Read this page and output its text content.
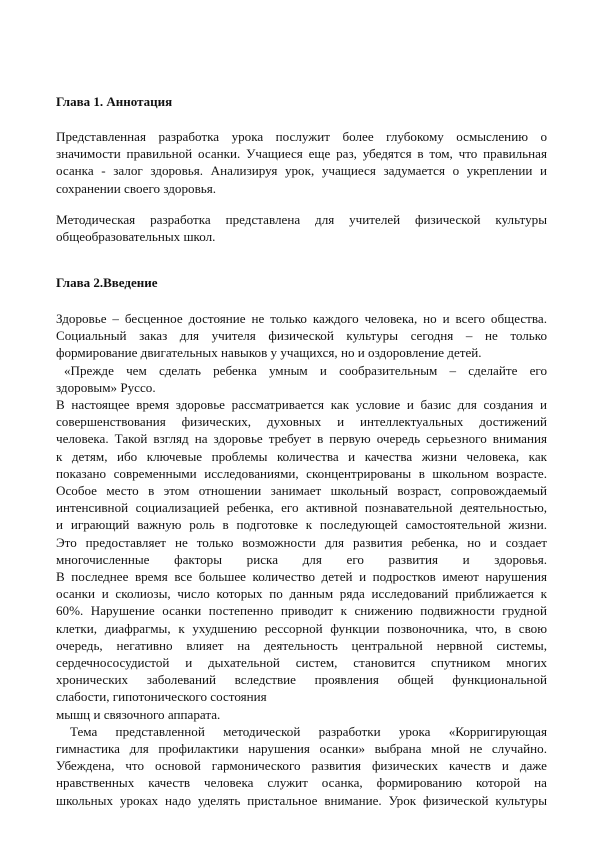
Глава 1. Аннотация
Представленная разработка урока послужит более глубокому осмыслению о
значимости правильной осанки. Учащиеся еще раз, убедятся в том, что правильная
осанка - залог здоровья. Анализируя урок, учащиеся задумается о укреплении и
сохранении своего здоровья.
Методическая разработка представлена для учителей физической культуры
общеобразовательных школ.
Глава 2.Введение
Здоровье – бесценное достояние не только каждого человека, но и всего общества.
Социальный заказ для учителя физической культуры сегодня – не только
формирование двигательных навыков у учащихся, но и оздоровление детей.
«Прежде чем сделать ребенка умным и сообразительным – сделайте его
здоровым» Руссо.
В настоящее время здоровье рассматривается как условие и базис для создания и
совершенствования физических, духовных и интеллектуальных достижений
человека. Такой взгляд на здоровье требует в первую очередь серьезного внимания
к детям, ибо ключевые проблемы количества и качества жизни человека, как
показано современными исследованиями, сконцентрированы в школьном возрасте.
Особое место в этом отношении занимает школьный возраст, сопровождаемый
интенсивной социализацией ребенка, его активной познавательной деятельностью,
и играющий важную роль в подготовке к последующей самостоятельной жизни.
Это предоставляет не только возможности для развития ребенка, но и создает
многочисленные факторы риска для его развития и здоровья.
В последнее время все большее количество детей и подростков имеют нарушения
осанки и сколиозы, число которых по данным ряда исследований приближается к
60%. Нарушение осанки постепенно приводит к снижению подвижности грудной
клетки, диафрагмы, к ухудшению рессорной функции позвоночника, что, в свою
очередь, негативно влияет на деятельность центральной нервной системы,
сердечнососудистой и дыхательной систем, становится спутником многих
хронических заболеваний вследствие проявления общей функциональной
слабости, гипотонического состояния
мышц и связочного аппарата.
Тема представленной методической разработки урока «Корригирующая
гимнастика для профилактики нарушения осанки» выбрана мной не случайно.
Убеждена, что основой гармонического развития физических качеств и даже
нравственных качеств человека служит осанка, формированию которой на
школьных уроках надо уделять пристальное внимание. Урок физической культуры
